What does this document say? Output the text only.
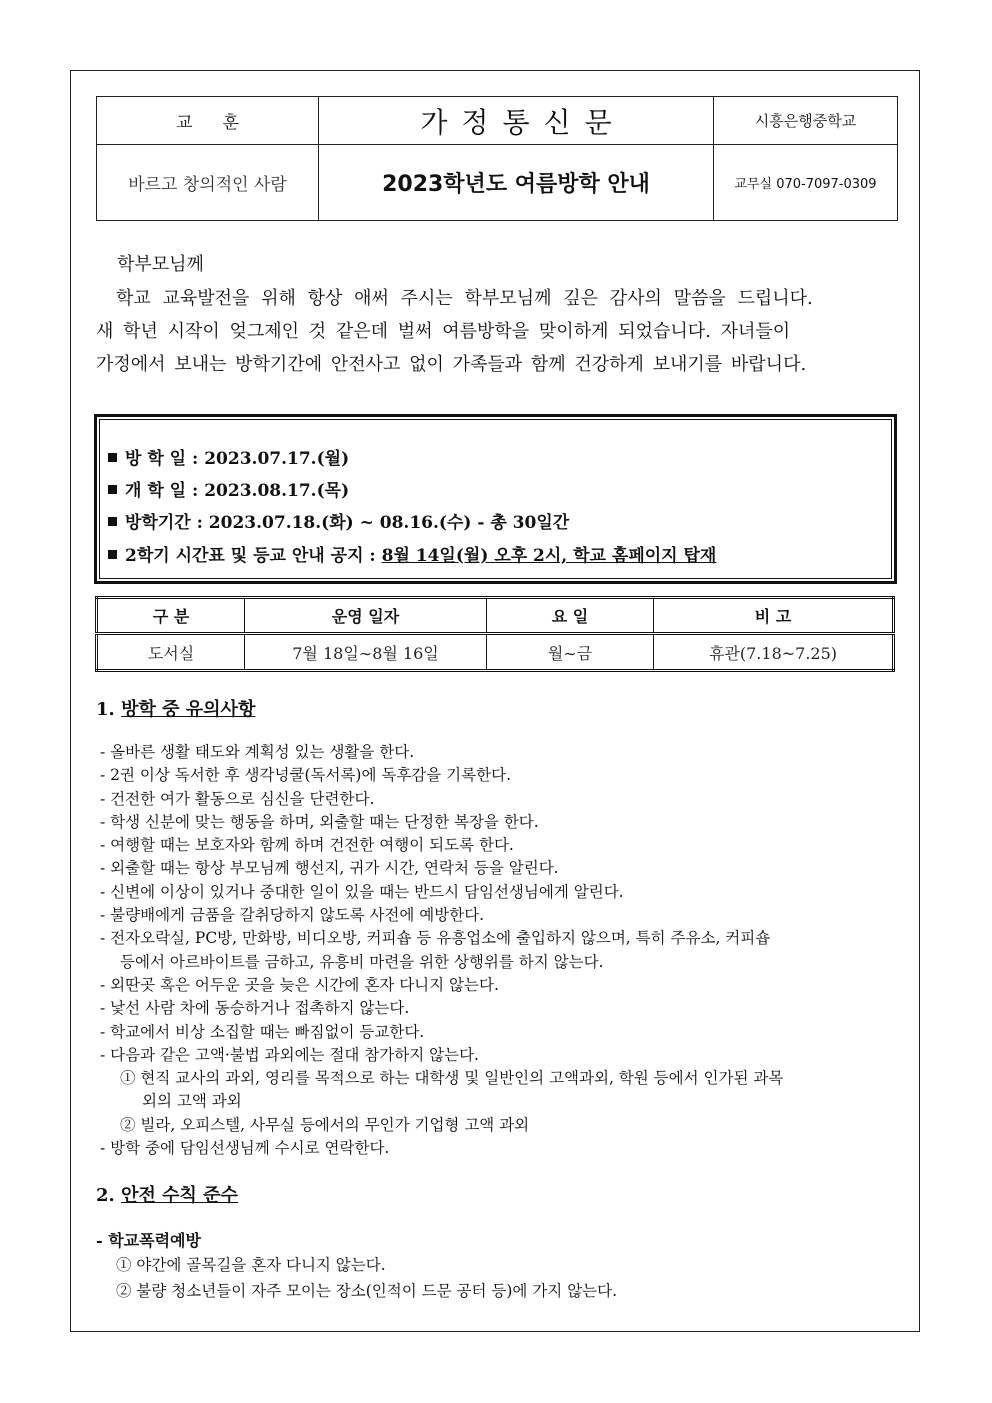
교훈	가정통신문	시흥은행중학교
바르고 창의적인 사람	2023학년도 여름방학 안내	교무실 070-7097-0309
학부모님께

학교 교육발전을 위해 항상 애써 주시는 학부모님께 깊은 감사의 말씀을 드립니다.
새 학년 시작이 엊그제인 것 같은데 벌써 여름방학을 맞이하게 되었습니다. 자녀들이
가정에서 보내는 방학기간에 안전사고 없이 가족들과 함께 건강하게 보내기를 바랍니다.

방 학 일 : 2023.07.17.(월)
개 학 일 : 2023.08.17.(목)
방학기간 : 2023.07.18.(화) ~ 08.16.(수) - 총 30일간
2학기 시간표 및 등교 안내 공지 : 8월 14일(월) 오후 2시, 학교 홈페이지 탑재
구 분	운영 일자	요 일	비 고
도서실	7월 18일∼8월 16일	월∼금	휴관(7.18~7.25)
1. 방학 중 유의사항
- 올바른 생활 태도와 계획성 있는 생활을 한다.
- 2권 이상 독서한 후 생각넝쿨(독서록)에 독후감을 기록한다.
- 건전한 여가 활동으로 심신을 단련한다.
- 학생 신분에 맞는 행동을 하며, 외출할 때는 단정한 복장을 한다.
- 여행할 때는 보호자와 함께 하며 건전한 여행이 되도록 한다.
- 외출할 때는 항상 부모님께 행선지, 귀가 시간, 연락처 등을 알린다.
- 신변에 이상이 있거나 중대한 일이 있을 때는 반드시 담임선생님에게 알린다.
- 불량배에게 금품을 갈취당하지 않도록 사전에 예방한다.
- 전자오락실, PC방, 만화방, 비디오방, 커피숍 등 유흥업소에 출입하지 않으며, 특히 주유소, 커피숍
등에서 아르바이트를 금하고, 유흥비 마련을 위한 상행위를 하지 않는다.
- 외딴곳 혹은 어두운 곳을 늦은 시간에 혼자 다니지 않는다.
- 낯선 사람 차에 동승하거나 접촉하지 않는다.
- 학교에서 비상 소집할 때는 빠짐없이 등교한다.
- 다음과 같은 고액·불법 과외에는 절대 참가하지 않는다.
① 현직 교사의 과외, 영리를 목적으로 하는 대학생 및 일반인의 고액과외, 학원 등에서 인가된 과목
외의 고액 과외
② 빌라, 오피스텔, 사무실 등에서의 무인가 기업형 고액 과외
- 방학 중에 담임선생님께 수시로 연락한다.
2. 안전 수칙 준수
- 학교폭력예방
① 야간에 골목길을 혼자 다니지 않는다.
② 불량 청소년들이 자주 모이는 장소(인적이 드문 공터 등)에 가지 않는다.
